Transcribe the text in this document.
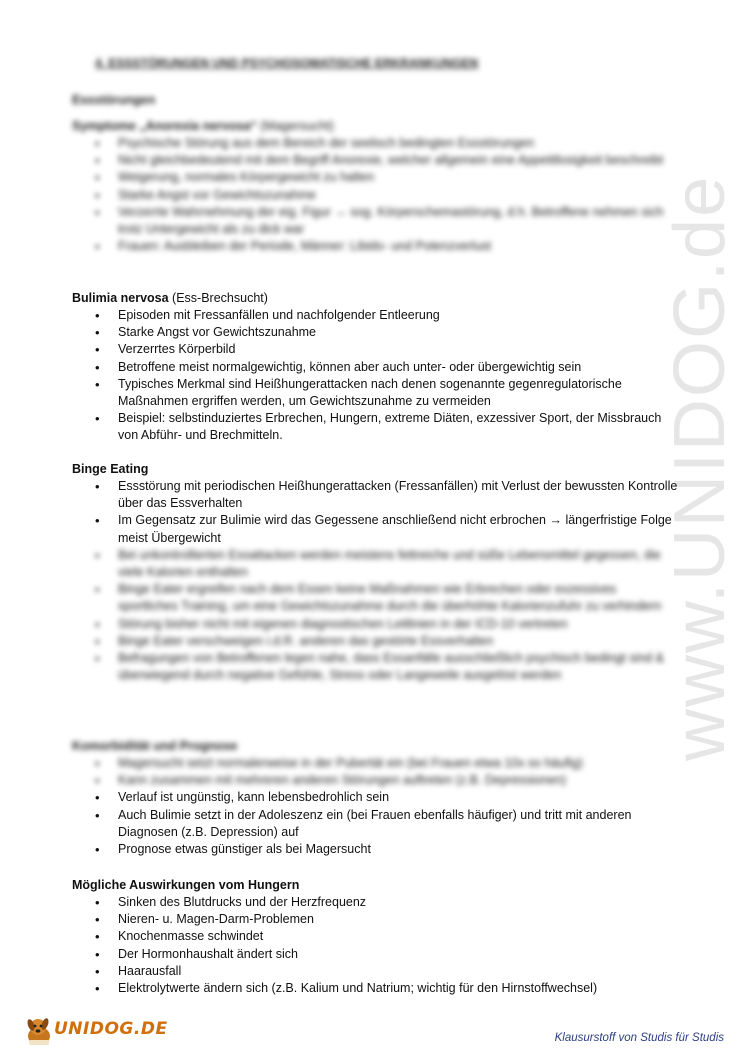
www.UNIDOG.de
4. ESSSTÖRUNGEN UND PSYCHOSOMATISCHE ERKRANKUNGEN

Essstörungen

Symptome „Anorexia nervosa“ (Magersucht)

• Psychische Störung aus dem Bereich der seelisch bedingten Essstörungen
• Nicht gleichbedeutend mit dem Begriff Anorexie, welcher allgemein eine Appetitlosigkeit beschreibt
• Weigerung, normales Körpergewicht zu halten
• Starke Angst vor Gewichtszunahme
• Verzerrte Wahrnehmung der eig. Figur → sog. Körperschemastörung, d.h. Betroffene nehmen sich trotz Untergewicht als zu dick war
• Frauen: Ausbleiben der Periode, Männer: Libido- und Potenzverlust

Bulimia nervosa (Ess-Brechsucht)

• Episoden mit Fressanfällen und nachfolgender Entleerung
• Starke Angst vor Gewichtszunahme
• Verzerrtes Körperbild
• Betroffene meist normalgewichtig, können aber auch unter- oder übergewichtig sein
• Typisches Merkmal sind Heißhungerattacken nach denen sogenannte gegenregulatorische Maßnahmen ergriffen werden, um Gewichtszunahme zu vermeiden
• Beispiel: selbstinduziertes Erbrechen, Hungern, extreme Diäten, exzessiver Sport, der Missbrauch von Abführ- und Brechmitteln.

Binge Eating

• Essstörung mit periodischen Heißhungerattacken (Fressanfällen) mit Verlust der bewussten Kontrolle über das Essverhalten
• Im Gegensatz zur Bulimie wird das Gegessene anschließend nicht erbrochen → längerfristige Folge meist Übergewicht
• Bei unkontrollierten Essattacken werden meistens fettreiche und süße Lebensmittel gegessen, die viele Kalorien enthalten
• Binge Eater ergreifen nach dem Essen keine Maßnahmen wie Erbrechen oder exzessives sportliches Training, um eine Gewichtszunahme durch die überhöhte Kalorienzufuhr zu verhindern
• Störung bisher nicht mit eigenen diagnostischen Leitlinien in der ICD-10 vertreten
• Binge Eater verschweigen i.d.R. anderen das gestörte Essverhalten
• Befragungen von Betroffenen legen nahe, dass Essanfälle ausschließlich psychisch bedingt sind & überwiegend durch negative Gefühle, Stress oder Langeweile ausgelöst werden

Komorbidität und Prognose

• Magersucht setzt normalerweise in der Pubertät ein (bei Frauen etwa 10x so häufig)
• Kann zusammen mit mehreren anderen Störungen auftreten (z.B. Depressionen)
• Verlauf ist ungünstig, kann lebensbedrohlich sein
• Auch Bulimie setzt in der Adoleszenz ein (bei Frauen ebenfalls häufiger) und tritt mit anderen Diagnosen (z.B. Depression) auf
• Prognose etwas günstiger als bei Magersucht

Mögliche Auswirkungen vom Hungern

• Sinken des Blutdrucks und der Herzfrequenz
• Nieren- u. Magen-Darm-Problemen
• Knochenmasse schwindet
• Der Hormonhaushalt ändert sich
• Haarausfall
• Elektrolytwerte ändern sich (z.B. Kalium und Natrium; wichtig für den Hirnstoffwechsel)
UNIDOG.DE	Klausurstoff von Studis für Studis
